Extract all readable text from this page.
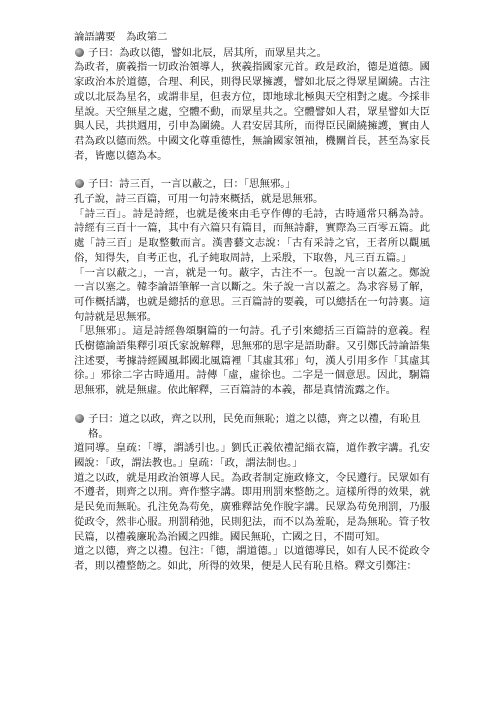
論語講要　為政第二
子曰：為政以德，譬如北辰，居其所，而眾星共之。

為政者，廣義指一切政治領導人，狹義指國家元首。政是政治，德是道德。國家政治本於道德，合理、利民，則得民眾擁護，譬如北辰之得眾星圍繞。古注或以北辰為星名，或謂非星，但表方位，即地球北極與天空相對之處。今採非星說。天空無星之處，空體不動，而眾星共之。空體譬如人君，眾星譬如大臣與人民，共拱週用，引申為圍繞。人君安居其所，而得臣民圍繞擁護，實由人君為政以德而然。中國文化尊重德性，無論國家領袖，機關首長，甚至為家長者，皆應以德為本。

子曰：詩三百，一言以蔽之，曰：「思無邪。」

孔子說，詩三百篇，可用一句詩來概括，就是思無邪。

「詩三百」。詩是詩經，也就是後來由毛亨作傳的毛詩，古時通常只稱為詩。詩經有三百十一篇，其中有六篇只有篇目，而無詩辭，實際為三百零五篇。此處「詩三百」是取整數而言。漢書藝文志說：「古有采詩之官，王者所以觀風俗，知得失，自考正也，孔子純取周詩，上采殷，下取魯，凡三百五篇。」

「一言以蔽之」，一言，就是一句。蔽字，古注不一。包說一言以蓋之。鄭說一言以塞之。韓李論語筆解一言以斷之。朱子說一言以蓋之。為求容易了解，可作概括講，也就是總括的意思。三百篇詩的要義，可以總括在一句詩裏。這句詩就是思無邪。

「思無邪」。這是詩經魯頌駉篇的一句詩。孔子引來總括三百篇詩的意義。程氏樹德論語集釋引項氏家說解釋，思無邪的思字是語助辭。又引鄭氏詩論語集注述要，考據詩經國風邶國北風篇裡「其虛其邪」句，漢人引用多作「其虛其徐。」邪徐二字古時通用。詩傳「虛，虛徐也。二字是一個意思。因此，駉篇思無邪，就是無虛。依此解釋，三百篇詩的本義，都是真情流露之作。

子曰：道之以政，齊之以刑，民免而無恥；道之以德，齊之以禮，有恥且格。

道同導。皇疏：「導，謂誘引也。」劉氏正義依禮記緇衣篇，道作教字講。孔安國說：「政，謂法教也。」皇疏：「政，謂法制也。」

道之以政，就是用政治領導人民。為政者制定施政條文，令民遵行。民眾如有不遵者，則齊之以刑。齊作整字講。即用刑罰來整飭之。這樣所得的效果，就是民免而無恥。孔注免為苟免，廣雅釋詁免作脫字講。民眾為苟免刑罰，乃服從政令，然非心服。刑罰稍弛，民則犯法，而不以為羞恥，是為無恥。管子牧民篇，以禮義廉恥為治國之四維。國民無恥，亡國之日，不間可知。

道之以德，齊之以禮。包注：「德，謂道德。」以道德導民，如有人民不從政令者，則以禮整飭之。如此，所得的效果，便是人民有恥且格。釋文引鄭注：
